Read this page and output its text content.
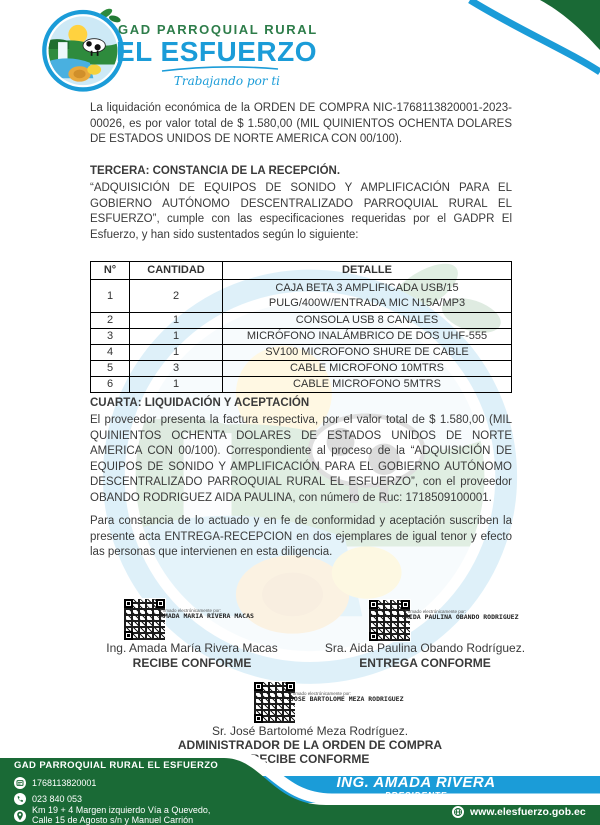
GAD PARROQUIAL RURAL
EL ESFUERZO
Trabajando por ti
La liquidación económica de la ORDEN DE COMPRA NIC-1768113820001-2023-00026, es por valor total de $ 1.580,00 (MIL QUINIENTOS OCHENTA DOLARES DE ESTADOS UNIDOS DE NORTE AMERICA CON 00/100).
TERCERA: CONSTANCIA DE LA RECEPCIÓN.
“ADQUISICIÓN DE EQUIPOS DE SONIDO Y AMPLIFICACIÓN PARA EL GOBIERNO AUTÓNOMO DESCENTRALIZADO PARROQUIAL RURAL EL ESFUERZO”, cumple con las especificaciones requeridas por el GADPR El Esfuerzo, y han sido sustentados según lo siguiente:
N°	CANTIDAD	DETALLE
1	2	CAJA BETA 3 AMPLIFICADA USB/15 PULG/400W/ENTRADA MIC N15A/MP3
2	1	CONSOLA USB 8 CANALES
3	1	MICRÓFONO INALÁMBRICO DE DOS UHF-555
4	1	SV100 MICROFONO SHURE DE CABLE
5	3	CABLE MICROFONO 10MTRS
6	1	CABLE MICROFONO 5MTRS
CUARTA: LIQUIDACIÓN Y ACEPTACIÓN
El proveedor presenta la factura respectiva, por el valor total de $ 1.580,00 (MIL QUINIENTOS OCHENTA DOLARES DE ESTADOS UNIDOS DE NORTE AMERICA CON 00/100). Correspondiente al proceso de la “ADQUISICIÓN DE EQUIPOS DE SONIDO Y AMPLIFICACIÓN PARA EL GOBIERNO AUTÓNOMO DESCENTRALIZADO PARROQUIAL RURAL EL ESFUERZO”, con el proveedor OBANDO RODRIGUEZ AIDA PAULINA, con número de Ruc: 1718509100001.
Para constancia de lo actuado y en fe de conformidad y aceptación suscriben la presente acta ENTREGA-RECEPCION en dos ejemplares de igual tenor y efecto las personas que intervienen en esta diligencia.
Firmado electrónicamente por:
AMADA MARIA RIVERA MACAS
Ing. Amada María Rivera Macas
RECIBE CONFORME
Firmado electrónicamente por:
AIDA PAULINA OBANDO RODRIGUEZ
Sra. Aida Paulina Obando Rodríguez.
ENTREGA CONFORME
Firmado electrónicamente por:
JOSE BARTOLOME MEZA RODRIGUEZ
Sr. José Bartolomé Meza Rodríguez.
ADMINISTRADOR DE LA ORDEN DE COMPRA
RECIBE CONFORME
GAD PARROQUIAL RURAL EL ESFUERZO
1768113820001
023 840 053
Km 19 + 4 Margen izquierdo Vía a Quevedo,
Calle 15 de Agosto s/n y Manuel Carrión
ING. AMADA RIVERA
PRESIDENTE
www.elesfuerzo.gob.ec
